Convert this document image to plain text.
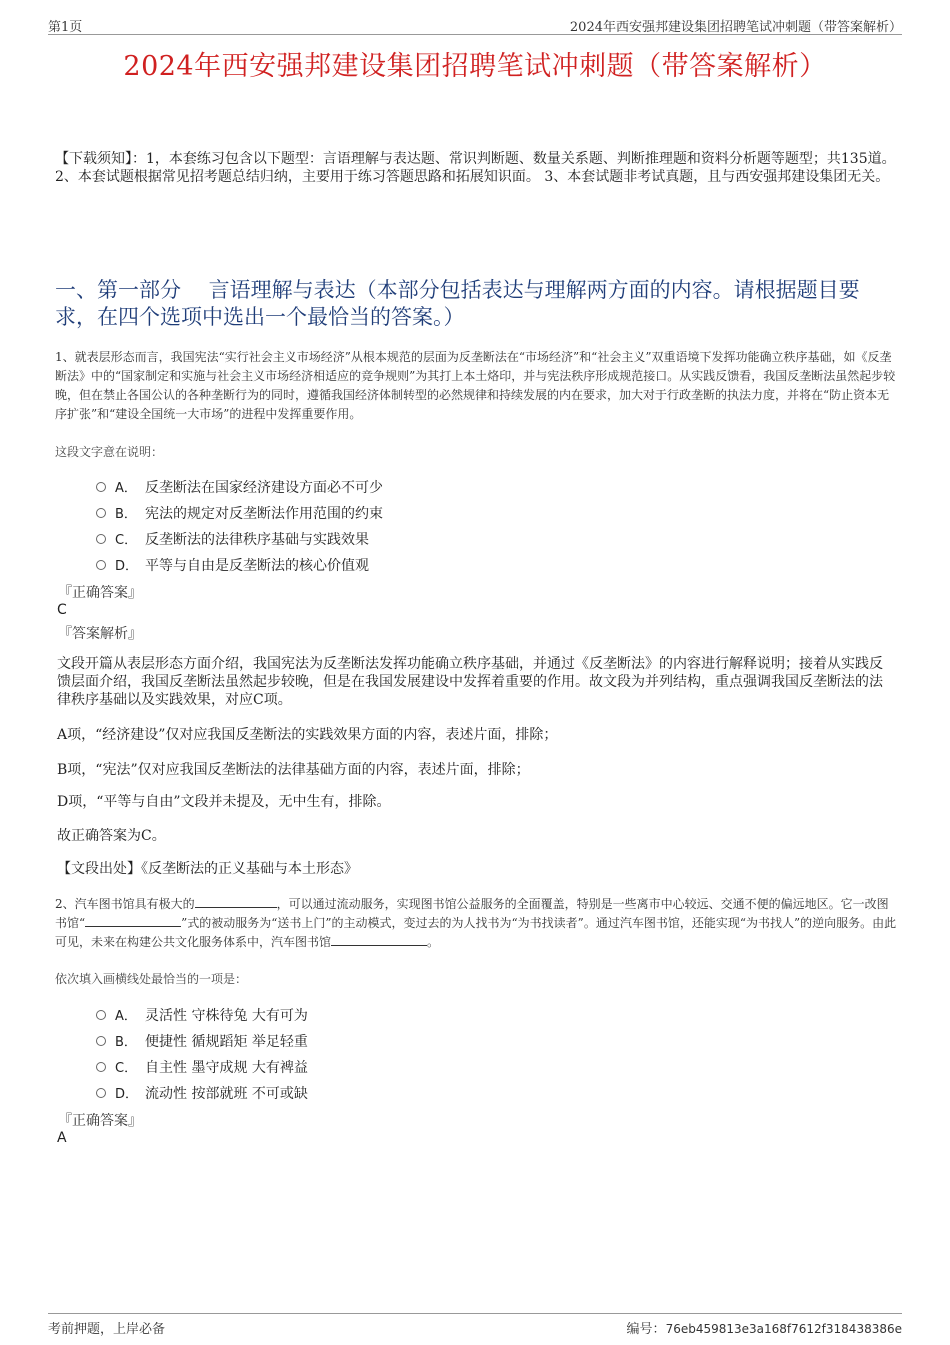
第1页	2024年西安强邦建设集团招聘笔试冲刺题（带答案解析）
2024年西安强邦建设集团招聘笔试冲刺题（带答案解析）
【下载须知】：1，本套练习包含以下题型：言语理解与表达题、常识判断题、数量关系题、判断推理题和资料分析题等题型；共135道。 2、本套试题根据常见招考题总结归纳，主要用于练习答题思路和拓展知识面。 3、本套试题非考试真题，且与西安强邦建设集团无关。
一、第一部分　 言语理解与表达（本部分包括表达与理解两方面的内容。请根据题目要求，在四个选项中选出一个最恰当的答案。）
1、就表层形态而言，我国宪法“实行社会主义市场经济”从根本规范的层面为反垄断法在“市场经济”和“社会主义”双重语境下发挥功能确立秩序基础，如《反垄断法》中的“国家制定和实施与社会主义市场经济相适应的竞争规则”为其打上本土烙印，并与宪法秩序形成规范接口。从实践反馈看，我国反垄断法虽然起步较晚，但在禁止各国公认的各种垄断行为的同时，遵循我国经济体制转型的必然规律和持续发展的内在要求，加大对于行政垄断的执法力度，并将在“防止资本无序扩张”和“建设全国统一大市场”的进程中发挥重要作用。
这段文字意在说明：
A． 反垄断法在国家经济建设方面必不可少
B． 宪法的规定对反垄断法作用范围的约束
C． 反垄断法的法律秩序基础与实践效果
D． 平等与自由是反垄断法的核心价值观
『正确答案』
C
『答案解析』
文段开篇从表层形态方面介绍，我国宪法为反垄断法发挥功能确立秩序基础，并通过《反垄断法》的内容进行解释说明；接着从实践反馈层面介绍，我国反垄断法虽然起步较晚，但是在我国发展建设中发挥着重要的作用。故文段为并列结构，重点强调我国反垄断法的法律秩序基础以及实践效果，对应C项。
A项，“经济建设”仅对应我国反垄断法的实践效果方面的内容，表述片面，排除；
B项，“宪法”仅对应我国反垄断法的法律基础方面的内容，表述片面，排除；
D项，“平等与自由”文段并未提及，无中生有，排除。
故正确答案为C。
【文段出处】《反垄断法的正义基础与本土形态》
2、汽车图书馆具有极大的	，可以通过流动服务，实现图书馆公益服务的全面覆盖，特别是一些离市中心较远、交通不便的偏远地区。它一改图书馆“	”式的被动服务为“送书上门”的主动模式，变过去的为人找书为“为书找读者”。通过汽车图书馆，还能实现“为书找人”的逆向服务。由此可见，未来在构建公共文化服务体系中，汽车图书馆	。
依次填入画横线处最恰当的一项是：
A． 灵活性 守株待兔 大有可为
B． 便捷性 循规蹈矩 举足轻重
C． 自主性 墨守成规 大有裨益
D． 流动性 按部就班 不可或缺
『正确答案』
A
考前押题，上岸必备	编号：76eb459813e3a168f7612f318438386e
